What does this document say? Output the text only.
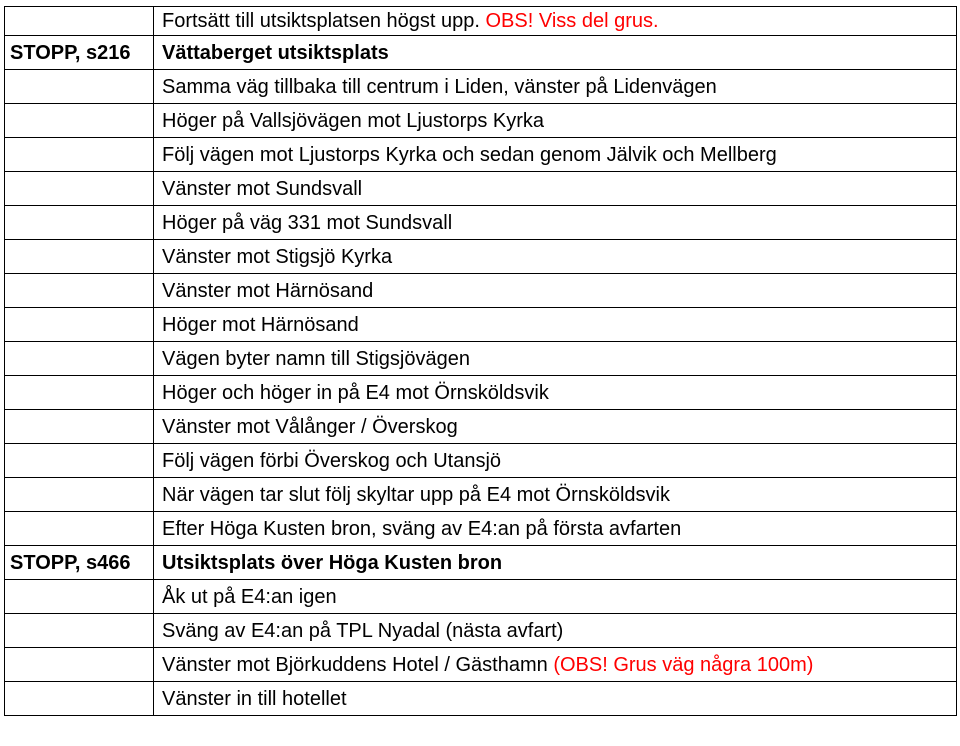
	Fortsätt till utsiktsplatsen högst upp. OBS! Viss del grus.
STOPP, s216	Vättaberget utsiktsplats
	Samma väg tillbaka till centrum i Liden, vänster på Lidenvägen
	Höger på Vallsjövägen mot Ljustorps Kyrka
	Följ vägen mot Ljustorps Kyrka och sedan genom Jälvik och Mellberg
	Vänster mot Sundsvall
	Höger på väg 331 mot Sundsvall
	Vänster mot Stigsjö Kyrka
	Vänster mot Härnösand
	Höger mot Härnösand
	Vägen byter namn till Stigsjövägen
	Höger och höger in på E4 mot Örnsköldsvik
	Vänster mot Vålånger / Överskog
	Följ vägen förbi Överskog och Utansjö
	När vägen tar slut följ skyltar upp på E4 mot Örnsköldsvik
	Efter Höga Kusten bron, sväng av E4:an på första avfarten
STOPP, s466	Utsiktsplats över Höga Kusten bron
	Åk ut på E4:an igen
	Sväng av E4:an på TPL Nyadal (nästa avfart)
	Vänster mot Björkuddens Hotel / Gästhamn (OBS! Grus väg några 100m)
	Vänster in till hotellet
